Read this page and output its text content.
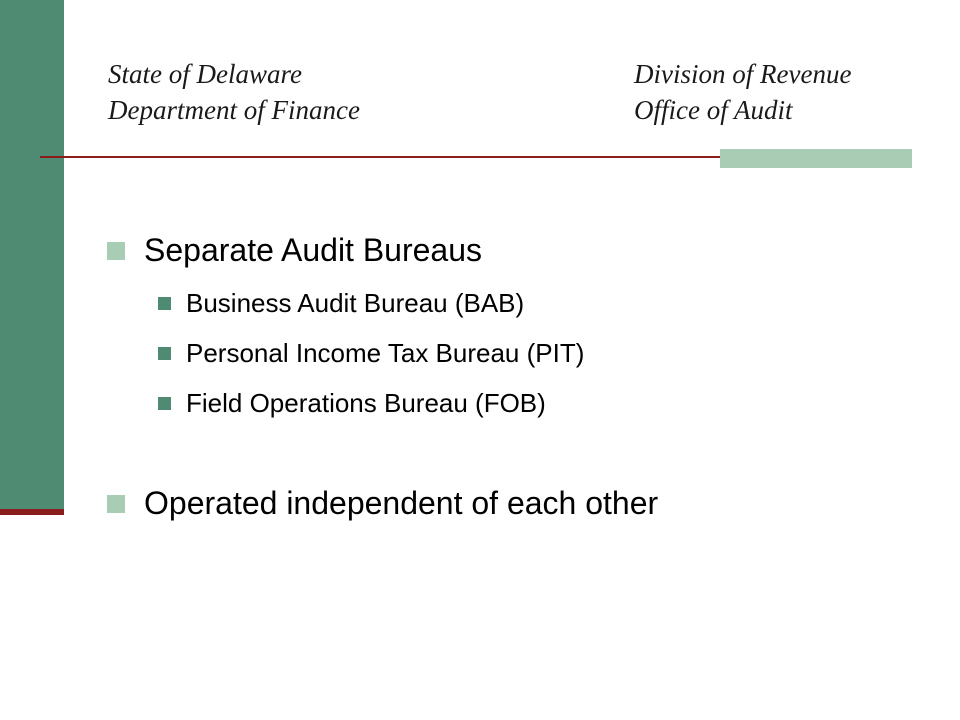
State of Delaware
Department of Finance
Division of Revenue
Office of Audit
Separate Audit Bureaus
Business Audit Bureau (BAB)
Personal Income Tax Bureau (PIT)
Field Operations Bureau (FOB)
Operated independent of each other
